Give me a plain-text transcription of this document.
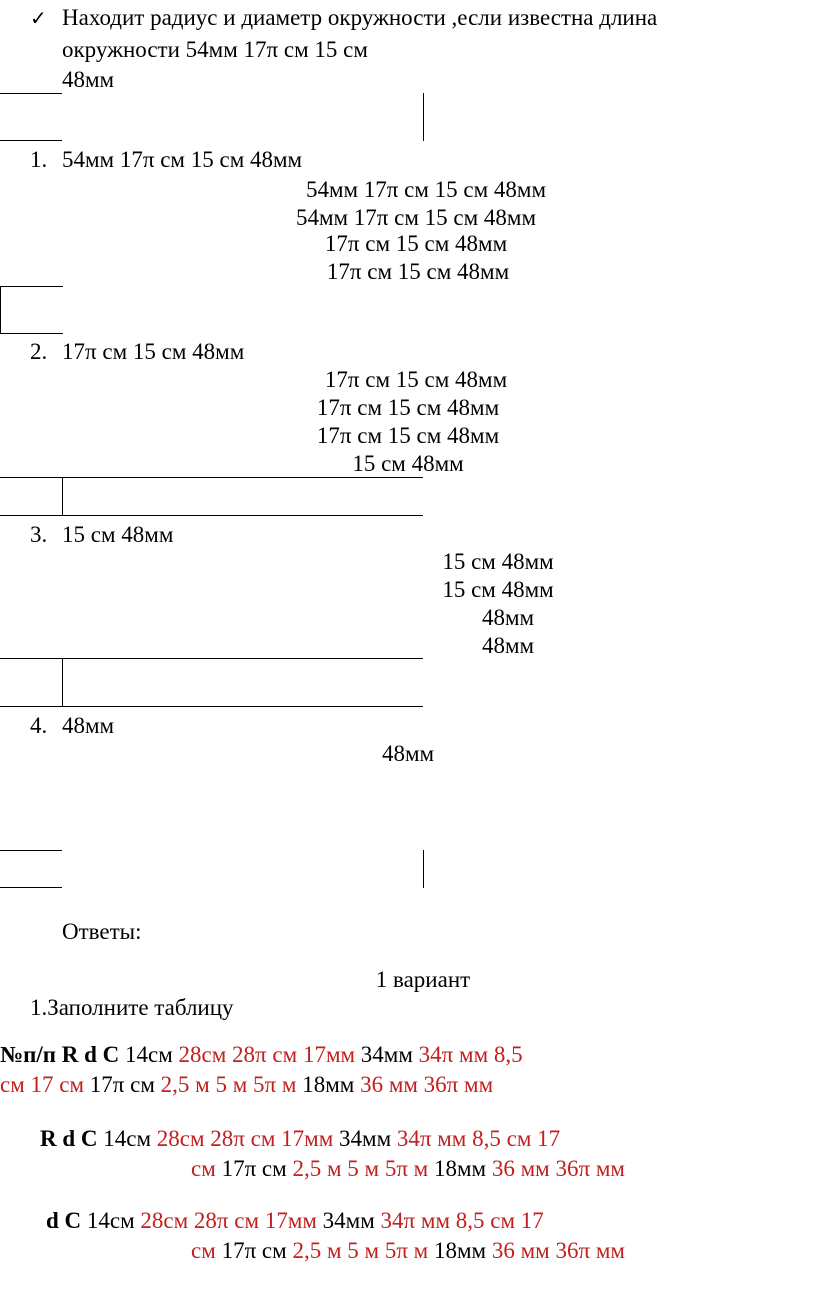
✓ Находит радиус и диаметр окружности ,если известна длина
окружности 54мм 17π см 15 см
48мм
1. 54мм 17π см 15 см 48мм
54мм 17π см 15 см 48мм
54мм 17π см 15 см 48мм
17π см 15 см 48мм
17π см 15 см 48мм
2. 17π см 15 см 48мм
17π см 15 см 48мм
17π см 15 см 48мм
17π см 15 см 48мм
15 см 48мм
3. 15 см 48мм
15 см 48мм
15 см 48мм
48мм
48мм
4. 48мм
48мм
Ответы:
1 вариант
1.Заполните таблицу
№п/п R d C 14см 28см 28π см 17мм 34мм 34π мм 8,5
см 17 см 17π см 2,5 м 5 м 5π м 18мм 36 мм 36π мм
R d C 14см 28см 28π см 17мм 34мм 34π мм 8,5 см 17
см 17π см 2,5 м 5 м 5π м 18мм 36 мм 36π мм
d C 14см 28см 28π см 17мм 34мм 34π мм 8,5 см 17
см 17π см 2,5 м 5 м 5π м 18мм 36 мм 36π мм
